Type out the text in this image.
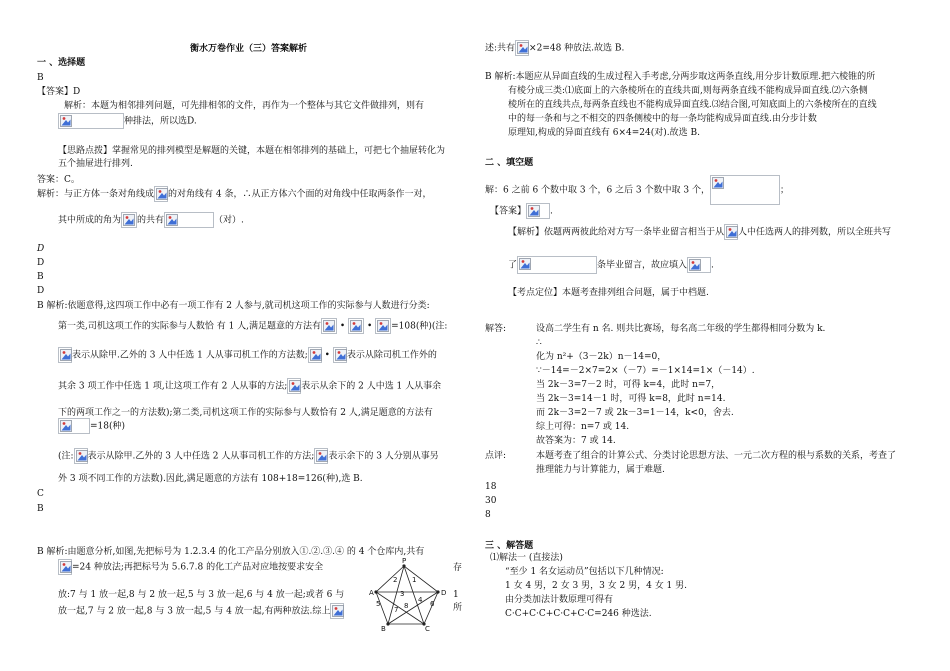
衡水万卷作业（三）答案解析
一 、选择题
B
【答案】D
解析：本题为相邻排列问题，可先排相邻的文件，再作为一个整体与其它文件做排列，则有
种排法，所以选D.
【思路点拨】掌握常见的排列模型是解题的关键，本题在相邻排列的基础上，可把七个抽屉转化为
五个抽屉进行排列.
答案：C。
解析：与正方体一条对角线成 的对角线有 4 条，∴从正方体六个面的对角线中任取两条作一对，
其中所成的角为 的共有	（对）.
D
D
B
D
B 解析:依题意得,这四项工作中必有一项工作有 2 人参与,就司机这项工作的实际参与人数进行分类:
第一类,司机这项工作的实际参与人数恰 有 1 人,满足题意的方法有
•
•
=108(种)(注:
表示从除甲.乙外的 3 人中任选 1 人从事司机工作的方法数;
•
表示从除司机工作外的
其余 3 项工作中任选 1 项,让这项工作有 2 人从事的方法; 表示从余下的 2 人中选 1 人从事余
下的两项工作之一的方法数);第二类,司机这项工作的实际参与人数恰有 2 人,满足题意的方法有
=18(种)
(注: 表示从除甲.乙外的 3 人中任选 2 人从事司机工作的方法; 表示余下的 3 人分别从事另
外 3 项不同工作的方法数).因此,满足题意的方法有 108+18=126(种),选 B.
C
B
B 解析:由题意分析,如图,先把标号为 1.2.3.4 的化工产品分别放入①.②.③.④ 的 4 个仓库内,共有
=24 种放法;再把标号为 5.6.7.8 的化工产品对应地按要求安全	存
放:7 与 1 放一起,8 与 2 放一起,5 与 3 放一起,6 与 4 放一起;或者 6 与	1
放一起,7 与 2 放一起,8 与 3 放一起,5 与 4 放一起,有两种放法.综上	所
P
A
B	C
D
1
2
3
4
5	6
7 8
述:共有 ×2=48 种放法.故选 B.
B 解析:本题应从异面直线的生成过程入手考虑,分两步取这两条直线,用分步计数原理.把六棱锥的所
有棱分成三类:⑴底面上的六条棱所在的直线共面,则每两条直线不能构成异面直线.⑵六条侧
棱所在的直线共点,每两条直线也不能构成异面直线.⑶结合图,可知底面上的六条棱所在的直线
中的每一条和与之不相交的四条侧棱中的每一条均能构成异面直线.由分步计数
原理知,构成的异面直线有 6×4=24(对).故选 B.
二 、填空题
解：6 之前 6 个数中取 3 个，6 之后 3 个数中取 3 个，	；
【答案】	.
【解析】依题两两彼此给对方写一条毕业留言相当于从 人中任选两人的排列数，所以全班共写
了	条毕业留言，故应填入	.
【考点定位】本题考查排列组合问题，属于中档题.
解答:	设高二学生有 n 名. 则共比赛场，每名高二年级的学生都得相同分数为 k.
∴
化为 n²+（3－2k）n－14=0，
∵－14=－2×7=2×（－7）=－1×14=1×（－14）.
当 2k－3=7－2 时，可得 k=4，此时 n=7，
当 2k－3=14－1 时，可得 k=8，此时 n=14.
而 2k－3=2－7 或 2k－3=1－14，k<0，舍去.
综上可得：n=7 或 14.
故答案为：7 或 14.
点评:	本题考查了组合的计算公式、分类讨论思想方法、一元二次方程的根与系数的关系，考查了
推理能力与计算能力，属于难题.
18
30
8
三 、解答题
⑴解法一 (直接法)
“至少 1 名女运动员”包括以下几种情况:
1 女 4 男，2 女 3 男，3 女 2 男，4 女 1 男.
由分类加法计数原理可得有
C·C+C·C+C·C+C·C=246 种选法.
